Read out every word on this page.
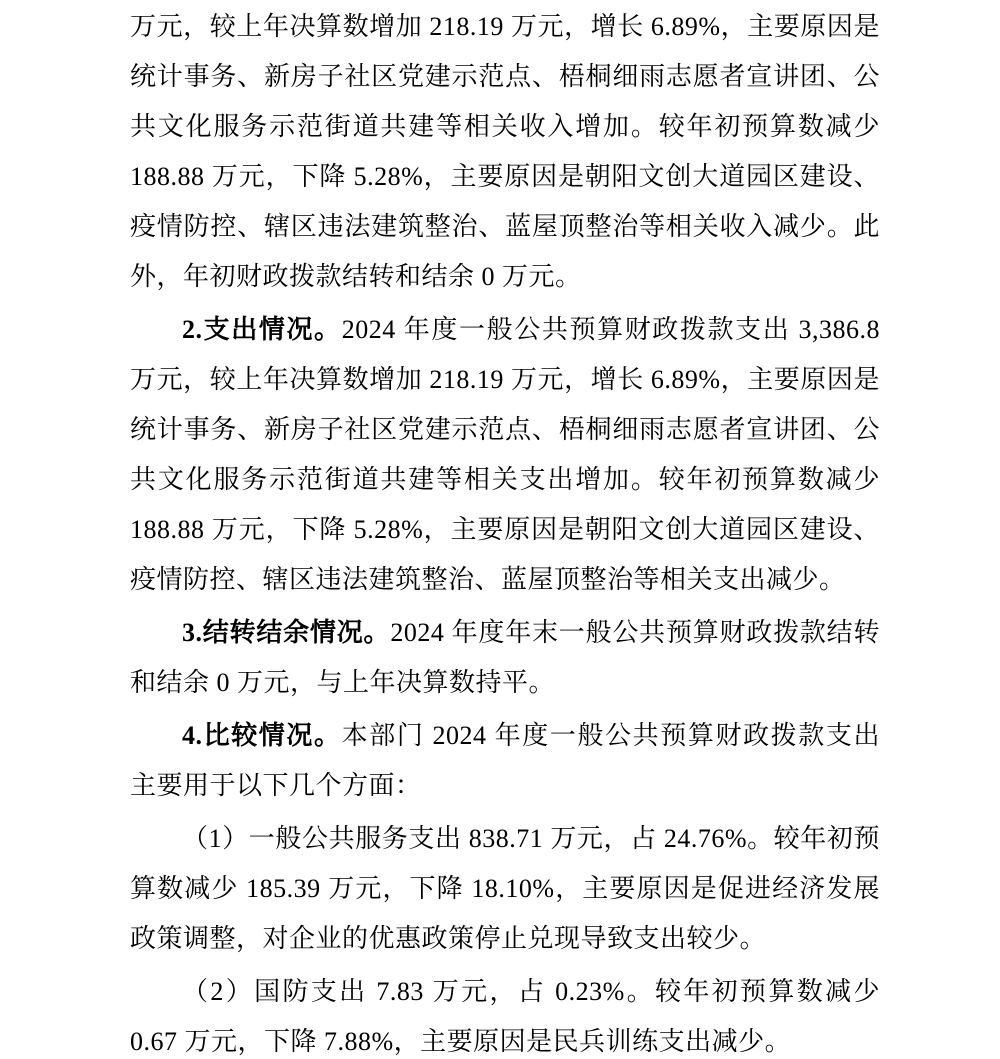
万元，较上年决算数增加 218.19 万元，增长 6.89%，主要原因是统计事务、新房子社区党建示范点、梧桐细雨志愿者宣讲团、公共文化服务示范街道共建等相关收入增加。较年初预算数减少 188.88 万元，下降 5.28%，主要原因是朝阳文创大道园区建设、疫情防控、辖区违法建筑整治、蓝屋顶整治等相关收入减少。此外，年初财政拨款结转和结余 0 万元。

2.支出情况。2024 年度一般公共预算财政拨款支出 3,386.8 万元，较上年决算数增加 218.19 万元，增长 6.89%，主要原因是统计事务、新房子社区党建示范点、梧桐细雨志愿者宣讲团、公共文化服务示范街道共建等相关支出增加。较年初预算数减少 188.88 万元，下降 5.28%，主要原因是朝阳文创大道园区建设、疫情防控、辖区违法建筑整治、蓝屋顶整治等相关支出减少。

3.结转结余情况。2024 年度年末一般公共预算财政拨款结转和结余 0 万元，与上年决算数持平。

4.比较情况。本部门 2024 年度一般公共预算财政拨款支出主要用于以下几个方面：

（1）一般公共服务支出 838.71 万元，占 24.76%。较年初预算数减少 185.39 万元，下降 18.10%，主要原因是促进经济发展政策调整，对企业的优惠政策停止兑现导致支出较少。

（2）国防支出 7.83 万元，占 0.23%。较年初预算数减少 0.67 万元，下降 7.88%，主要原因是民兵训练支出减少。
